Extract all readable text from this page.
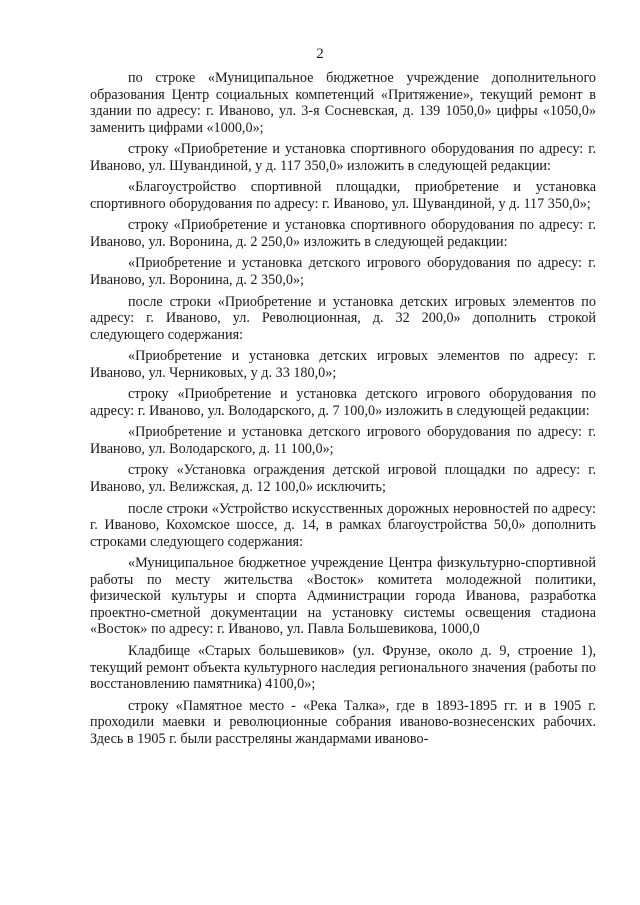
2

по строке «Муниципальное бюджетное учреждение дополнительного образования Центр социальных компетенций «Притяжение», текущий ремонт в здании по адресу: г. Иваново, ул. 3-я Сосневская, д. 139 1050,0» цифры «1050,0» заменить цифрами «1000,0»;

строку «Приобретение и установка спортивного оборудования по адресу: г. Иваново, ул. Шувандиной, у д. 117 350,0» изложить в следующей редакции:

«Благоустройство спортивной площадки, приобретение и установка спортивного оборудования по адресу: г. Иваново, ул. Шувандиной, у д. 117 350,0»;

строку «Приобретение и установка спортивного оборудования по адресу: г. Иваново, ул. Воронина, д. 2 250,0» изложить в следующей редакции:

«Приобретение и установка детского игрового оборудования по адресу: г. Иваново, ул. Воронина, д. 2 350,0»;

после строки «Приобретение и установка детских игровых элементов по адресу: г. Иваново, ул. Революционная, д. 32 200,0» дополнить строкой следующего содержания:

«Приобретение и установка детских игровых элементов по адресу: г. Иваново, ул. Черниковых, у д. 33 180,0»;

строку «Приобретение и установка детского игрового оборудования по адресу: г. Иваново, ул. Володарского, д. 7 100,0» изложить в следующей редакции:

«Приобретение и установка детского игрового оборудования по адресу: г. Иваново, ул. Володарского, д. 11 100,0»;

строку «Установка ограждения детской игровой площадки по адресу: г. Иваново, ул. Велижская, д. 12 100,0» исключить;

после строки «Устройство искусственных дорожных неровностей по адресу: г. Иваново, Кохомское шоссе, д. 14, в рамках благоустройства 50,0» дополнить строками следующего содержания:

«Муниципальное бюджетное учреждение Центра физкультурно-спортивной работы по месту жительства «Восток» комитета молодежной политики, физической культуры и спорта Администрации города Иванова, разработка проектно-сметной документации на установку системы освещения стадиона «Восток» по адресу: г. Иваново, ул. Павла Большевикова, 1000,0

Кладбище «Старых большевиков» (ул. Фрунзе, около д. 9, строение 1), текущий ремонт объекта культурного наследия регионального значения (работы по восстановлению памятника) 4100,0»;

строку «Памятное место - «Река Талка», где в 1893-1895 гг. и в 1905 г. проходили маевки и революционные собрания иваново-вознесенских рабочих. Здесь в 1905 г. были расстреляны жандармами иваново-
